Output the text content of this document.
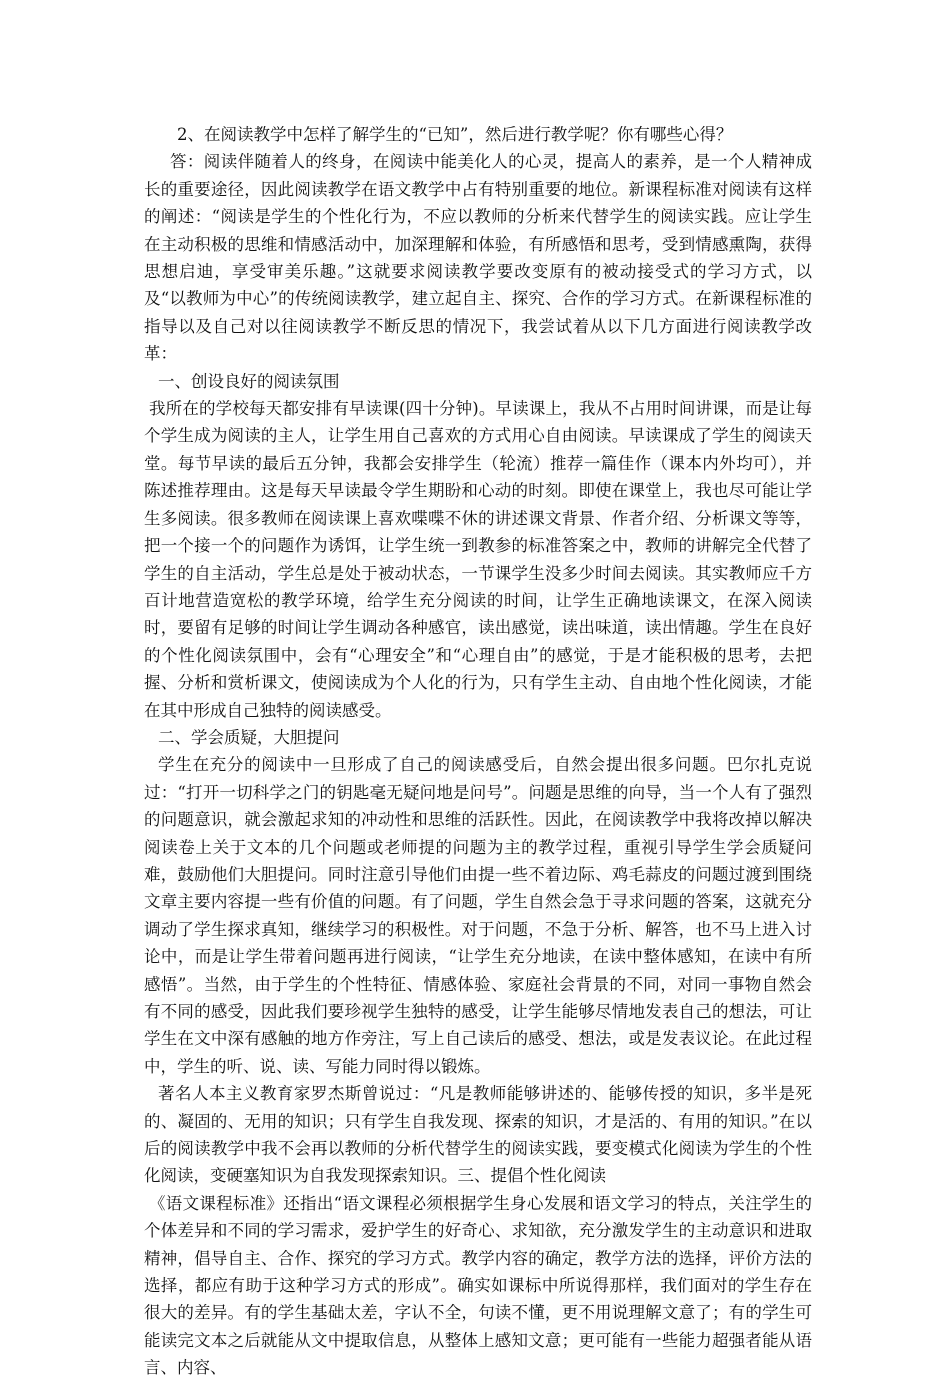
2、在阅读教学中怎样了解学生的“已知”，然后进行教学呢？你有哪些心得？

答：阅读伴随着人的终身，在阅读中能美化人的心灵，提高人的素养，是一个人精神成长的重要途径，因此阅读教学在语文教学中占有特别重要的地位。新课程标准对阅读有这样的阐述：“阅读是学生的个性化行为，不应以教师的分析来代替学生的阅读实践。应让学生在主动积极的思维和情感活动中，加深理解和体验，有所感悟和思考，受到情感熏陶，获得思想启迪，享受审美乐趣。”这就要求阅读教学要改变原有的被动接受式的学习方式，以及“以教师为中心”的传统阅读教学，建立起自主、探究、合作的学习方式。在新课程标准的指导以及自己对以往阅读教学不断反思的情况下，我尝试着从以下几方面进行阅读教学改革：

一、创设良好的阅读氛围

我所在的学校每天都安排有早读课(四十分钟)。早读课上，我从不占用时间讲课，而是让每个学生成为阅读的主人，让学生用自己喜欢的方式用心自由阅读。早读课成了学生的阅读天堂。每节早读的最后五分钟，我都会安排学生（轮流）推荐一篇佳作（课本内外均可），并陈述推荐理由。这是每天早读最令学生期盼和心动的时刻。即使在课堂上，我也尽可能让学生多阅读。很多教师在阅读课上喜欢喋喋不休的讲述课文背景、作者介绍、分析课文等等，把一个接一个的问题作为诱饵，让学生统一到教参的标准答案之中，教师的讲解完全代替了学生的自主活动，学生总是处于被动状态，一节课学生没多少时间去阅读。其实教师应千方百计地营造宽松的教学环境，给学生充分阅读的时间，让学生正确地读课文，在深入阅读时，要留有足够的时间让学生调动各种感官，读出感觉，读出味道，读出情趣。学生在良好的个性化阅读氛围中，会有“心理安全”和“心理自由”的感觉，于是才能积极的思考，去把握、分析和赏析课文，使阅读成为个人化的行为，只有学生主动、自由地个性化阅读，才能在其中形成自己独特的阅读感受。

二、学会质疑，大胆提问

学生在充分的阅读中一旦形成了自己的阅读感受后，自然会提出很多问题。巴尔扎克说过：“打开一切科学之门的钥匙毫无疑问地是问号”。问题是思维的向导，当一个人有了强烈的问题意识，就会激起求知的冲动性和思维的活跃性。因此，在阅读教学中我将改掉以解决阅读卷上关于文本的几个问题或老师提的问题为主的教学过程，重视引导学生学会质疑问难，鼓励他们大胆提问。同时注意引导他们由提一些不着边际、鸡毛蒜皮的问题过渡到围绕文章主要内容提一些有价值的问题。有了问题，学生自然会急于寻求问题的答案，这就充分调动了学生探求真知，继续学习的积极性。对于问题，不急于分析、解答，也不马上进入讨论中，而是让学生带着问题再进行阅读，“让学生充分地读，在读中整体感知，在读中有所感悟”。当然，由于学生的个性特征、情感体验、家庭社会背景的不同，对同一事物自然会有不同的感受，因此我们要珍视学生独特的感受，让学生能够尽情地发表自己的想法，可让学生在文中深有感触的地方作旁注，写上自己读后的感受、想法，或是发表议论。在此过程中，学生的听、说、读、写能力同时得以锻炼。

著名人本主义教育家罗杰斯曾说过：“凡是教师能够讲述的、能够传授的知识，多半是死的、凝固的、无用的知识；只有学生自我发现、探索的知识，才是活的、有用的知识。”在以后的阅读教学中我不会再以教师的分析代替学生的阅读实践，要变模式化阅读为学生的个性化阅读，变硬塞知识为自我发现探索知识。三、提倡个性化阅读

《语文课程标准》还指出“语文课程必须根据学生身心发展和语文学习的特点，关注学生的个体差异和不同的学习需求，爱护学生的好奇心、求知欲，充分激发学生的主动意识和进取精神，倡导自主、合作、探究的学习方式。教学内容的确定，教学方法的选择，评价方法的选择，都应有助于这种学习方式的形成”。确实如课标中所说得那样，我们面对的学生存在很大的差异。有的学生基础太差，字认不全，句读不懂，更不用说理解文意了；有的学生可能读完文本之后就能从文中提取信息，从整体上感知文意；更可能有一些能力超强者能从语言、内容、
